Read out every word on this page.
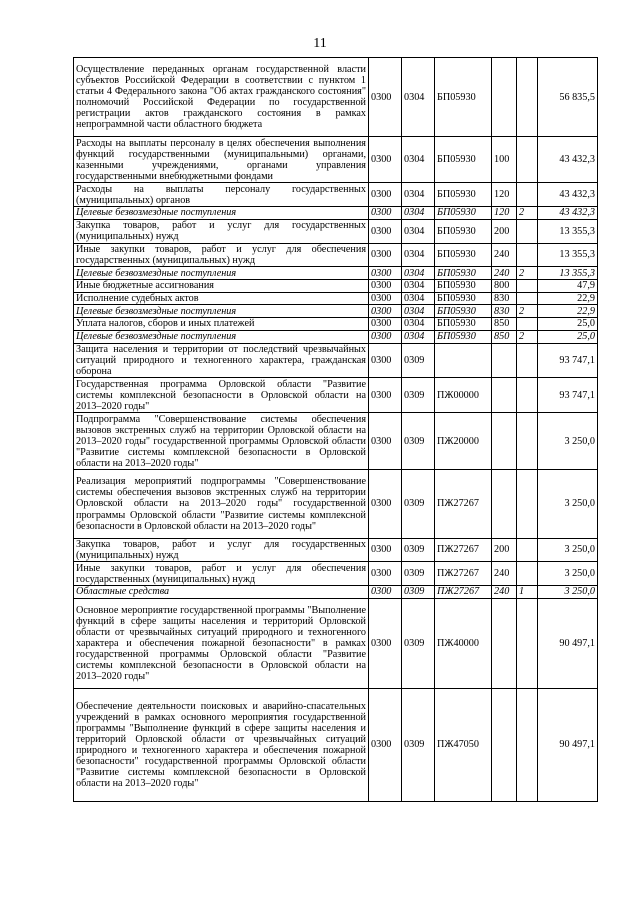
11
Осуществление переданных органам государственной власти субъектов Российской Федерации в соответствии с пунктом 1 статьи 4 Федерального закона "Об актах гражданского состояния" полномочий Российской Федерации по государственной регистрации актов гражданского состояния в рамках непрограммной части областного бюджета	0300	0304	БП05930			56 835,5
Расходы на выплаты персоналу в целях обеспечения выполнения функций государственными (муниципальными) органами, казенными учреждениями, органами управления государственными внебюджетными фондами	0300	0304	БП05930	100		43 432,3
Расходы на выплаты персоналу государственных (муниципальных) органов	0300	0304	БП05930	120		43 432,3
Целевые безвозмездные поступления	0300	0304	БП05930	120	2	43 432,3
Закупка товаров, работ и услуг для государственных (муниципальных) нужд	0300	0304	БП05930	200		13 355,3
Иные закупки товаров, работ и услуг для обеспечения государственных (муниципальных) нужд	0300	0304	БП05930	240		13 355,3
Целевые безвозмездные поступления	0300	0304	БП05930	240	2	13 355,3
Иные бюджетные ассигнования	0300	0304	БП05930	800		47,9
Исполнение судебных актов	0300	0304	БП05930	830		22,9
Целевые безвозмездные поступления	0300	0304	БП05930	830	2	22,9
Уплата налогов, сборов и иных платежей	0300	0304	БП05930	850		25,0
Целевые безвозмездные поступления	0300	0304	БП05930	850	2	25,0
Защита населения и территории от последствий чрезвычайных ситуаций природного и техногенного характера, гражданская оборона	0300	0309				93 747,1
Государственная программа Орловской области "Развитие системы комплексной безопасности в Орловской области на 2013–2020 годы"	0300	0309	ПЖ00000			93 747,1
Подпрограмма "Совершенствование системы обеспечения вызовов экстренных служб на территории Орловской области на 2013–2020 годы" государственной программы Орловской области "Развитие системы комплексной безопасности в Орловской области на 2013–2020 годы"	0300	0309	ПЖ20000			3 250,0
Реализация мероприятий подпрограммы "Совершенствование системы обеспечения вызовов экстренных служб на территории Орловской области на 2013–2020 годы" государственной программы Орловской области "Развитие системы комплексной безопасности в Орловской области на 2013–2020 годы"	0300	0309	ПЖ27267			3 250,0
Закупка товаров, работ и услуг для государственных (муниципальных) нужд	0300	0309	ПЖ27267	200		3 250,0
Иные закупки товаров, работ и услуг для обеспечения государственных (муниципальных) нужд	0300	0309	ПЖ27267	240		3 250,0
Областные средства	0300	0309	ПЖ27267	240	1	3 250,0
Основное мероприятие государственной программы "Выполнение функций в сфере защиты населения и территорий Орловской области от чрезвычайных ситуаций природного и техногенного характера и обеспечения пожарной безопасности" в рамках государственной программы Орловской области "Развитие системы комплексной безопасности в Орловской области на 2013–2020 годы"	0300	0309	ПЖ40000			90 497,1
Обеспечение деятельности поисковых и аварийно-спасательных учреждений в рамках основного мероприятия государственной программы "Выполнение функций в сфере защиты населения и территорий Орловской области от чрезвычайных ситуаций природного и техногенного характера и обеспечения пожарной безопасности" государственной программы Орловской области "Развитие системы комплексной безопасности в Орловской области на 2013–2020 годы"	0300	0309	ПЖ47050			90 497,1
